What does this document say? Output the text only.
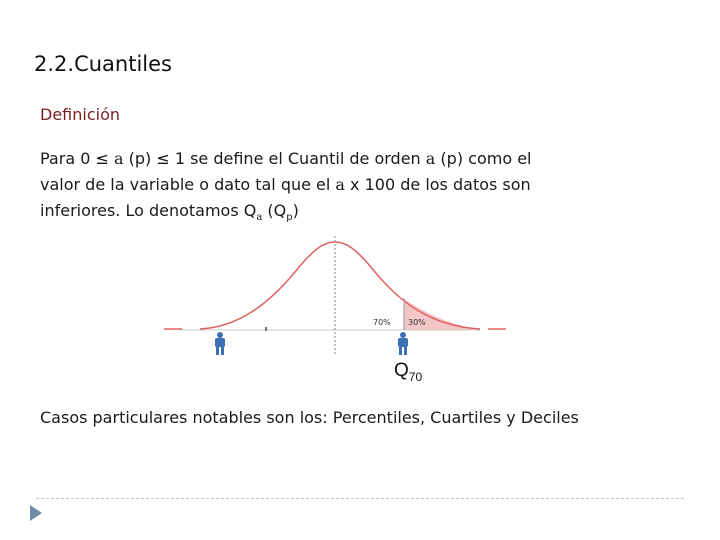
2.2.Cuantiles
Definición
Para 0 ≤ a (p) ≤ 1 se define el Cuantil de orden a (p) como el
valor de la variable o dato tal que el a x 100 de los datos son
inferiores. Lo denotamos $Q_a$ $(Q_p)$
70% 30%
$Q_{70}$
Casos particulares notables son los: Percentiles, Cuartiles y Deciles
